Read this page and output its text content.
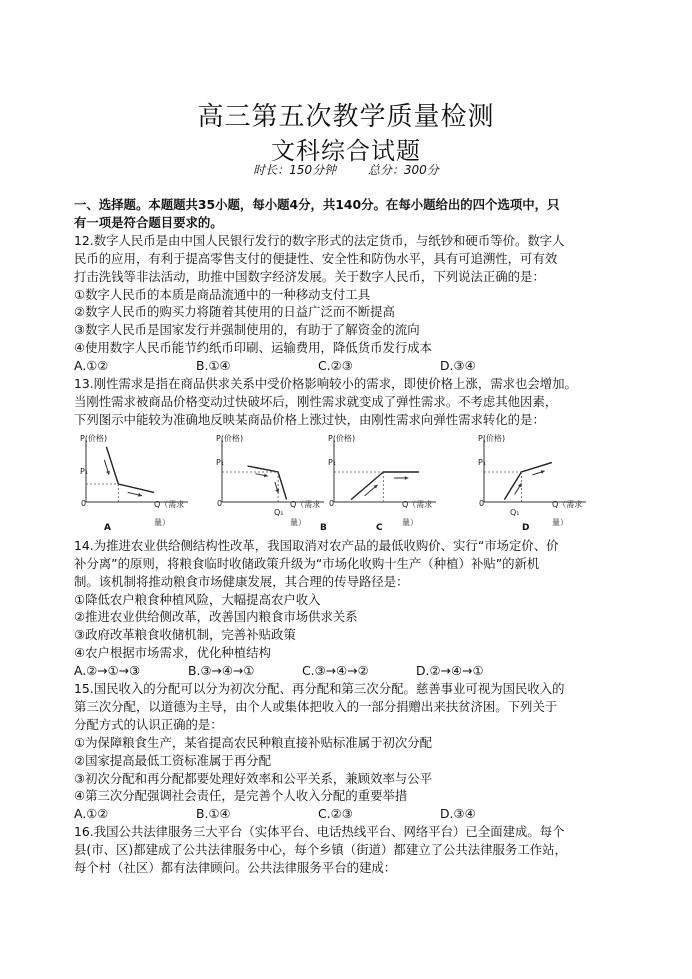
高三第五次教学质量检测
文科综合试题
时长：150分钟	总分：300分

一、选择题。本题题共35小题，每小题4分，共140分。在每小题给出的四个选项中，只

有一项是符合题目要求的。

12.数字人民币是由中国人民银行发行的数字形式的法定货币，与纸钞和硬币等价。数字人

民币的应用，有利于提高零售支付的便捷性、安全性和防伪水平，具有可追溯性，可有效

打击洗钱等非法活动，助推中国数字经济发展。关于数字人民币，下列说法正确的是：

①数字人民币的本质是商品流通中的一种移动支付工具

②数字人民币的购买力将随着其使用的日益广泛而不断提高

③数字人民币是国家发行并强制使用的，有助于了解资金的流向

④使用数字人民币能节约纸币印刷、运输费用，降低货币发行成本

A.①②	B.①④	C.②③	D.③④

13.刚性需求是指在商品供求关系中受价格影响较小的需求，即使价格上涨，需求也会增加。

当刚性需求被商品价格变动过快破坏后，刚性需求就变成了弹性需求。不考虑其他因素，

下列图示中能较为准确地反映某商品价格上涨过快，由刚性需求向弹性需求转化的是：

P(价格)
P₁
0	Q（需求量）
A
P(价格)
P₁
0
Q₁
Q（需求量）
B
P(价格)
P₁
0	Q（需求量）
C
P(价格)
P₁
0
Q₁
Q（需求量）
D

14.为推进农业供给侧结构性改革，我国取消对农产品的最低收购价、实行“市场定价、价

补分离”的原则，将粮食临时收储政策升级为“市场化收购十生产（种植）补贴”的新机

制。该机制将推动粮食市场健康发展，其合理的传导路径是：

①降低农户粮食种植风险，大幅提高农户收入

②推进农业供给侧改革，改善国内粮食市场供求关系

③政府改革粮食收储机制，完善补贴政策

④农户根据市场需求，优化种植结构

A.②→①→③	B.③→④→①	C.③→④→②	D.②→④→①

15.国民收入的分配可以分为初次分配、再分配和第三次分配。慈善事业可视为国民收入的

第三次分配，以道德为主导，由个人或集体把收入的一部分捐赠出来扶贫济困。下列关于

分配方式的认识正确的是：

①为保障粮食生产，某省提高农民种粮直接补贴标准属于初次分配

②国家提高最低工资标准属于再分配

③初次分配和再分配都要处理好效率和公平关系，兼顾效率与公平

④第三次分配强调社会责任，是完善个人收入分配的重要举措

A.①②	B.①④	C.②③	D.③④

16.我国公共法律服务三大平台（实体平台、电话热线平台、网络平台）已全面建成。每个

县(市、区)都建成了公共法律服务中心，每个乡镇（街道）都建立了公共法律服务工作站，

每个村（社区）都有法律顾问。公共法律服务平台的建成：
